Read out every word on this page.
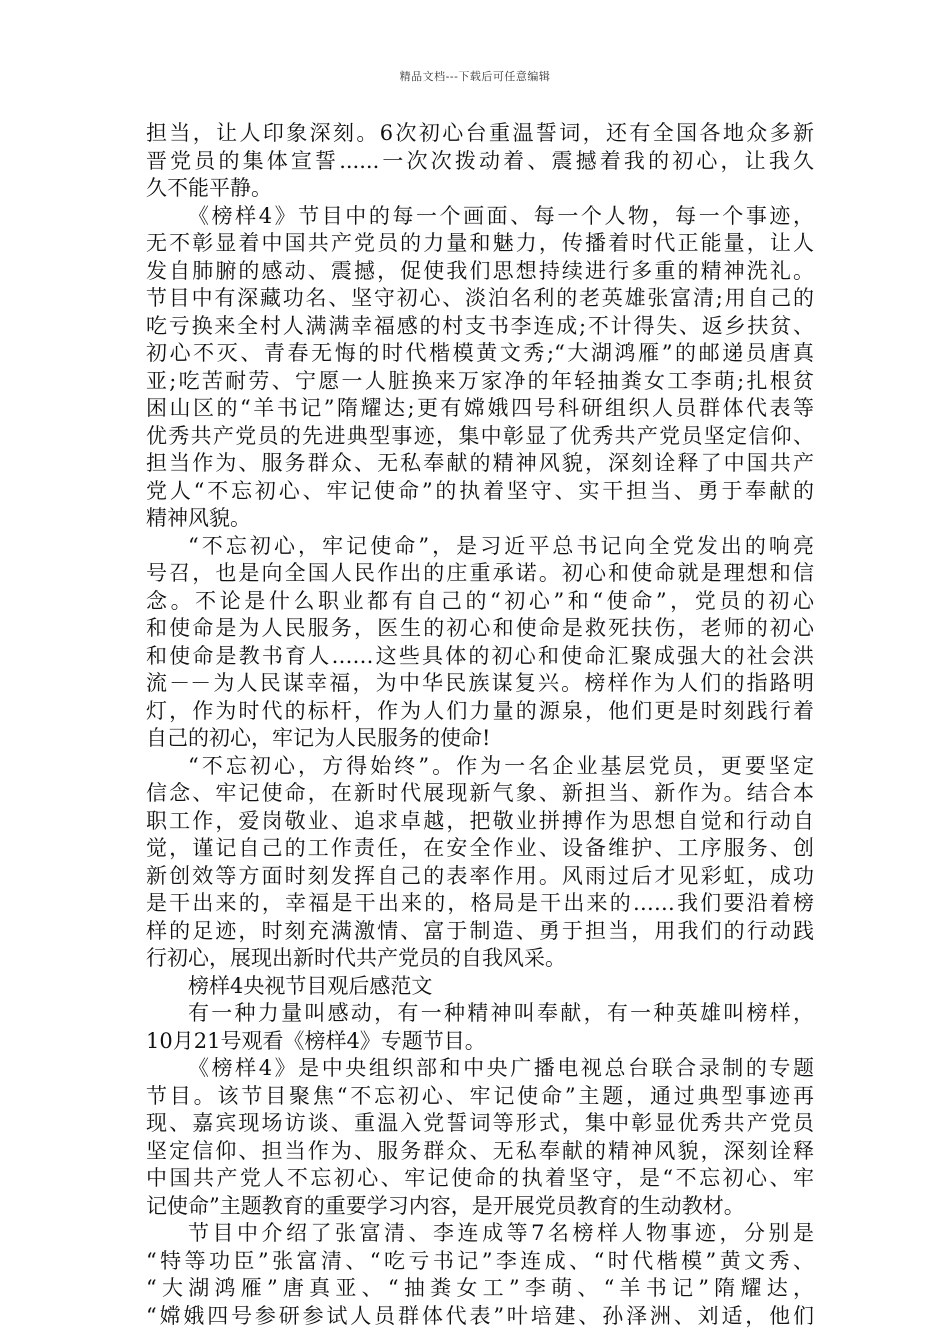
精品文档---下载后可任意编辑
担当，让人印象深刻。6次初心台重温誓词，还有全国各地众多新
晋党员的集体宣誓......一次次拨动着、震撼着我的初心，让我久
久不能平静。
《榜样4》节目中的每一个画面、每一个人物，每一个事迹，
无不彰显着中国共产党员的力量和魅力，传播着时代正能量，让人
发自肺腑的感动、震撼，促使我们思想持续进行多重的精神洗礼。
节目中有深藏功名、坚守初心、淡泊名利的老英雄张富清;用自己的
吃亏换来全村人满满幸福感的村支书李连成;不计得失、返乡扶贫、
初心不灭、青春无悔的时代楷模黄文秀;“大湖鸿雁”的邮递员唐真
亚;吃苦耐劳、宁愿一人脏换来万家净的年轻抽粪女工李萌;扎根贫
困山区的“羊书记”隋耀达;更有嫦娥四号科研组织人员群体代表等
优秀共产党员的先进典型事迹，集中彰显了优秀共产党员坚定信仰、
担当作为、服务群众、无私奉献的精神风貌，深刻诠释了中国共产
党人“不忘初心、牢记使命”的执着坚守、实干担当、勇于奉献的
精神风貌。
“不忘初心，牢记使命”，是习近平总书记向全党发出的响亮
号召，也是向全国人民作出的庄重承诺。初心和使命就是理想和信
念。不论是什么职业都有自己的“初心”和“使命”，党员的初心
和使命是为人民服务，医生的初心和使命是救死扶伤，老师的初心
和使命是教书育人……这些具体的初心和使命汇聚成强大的社会洪
流－－为人民谋幸福，为中华民族谋复兴。榜样作为人们的指路明
灯，作为时代的标杆，作为人们力量的源泉，他们更是时刻践行着
自己的初心，牢记为人民服务的使命!
“不忘初心，方得始终”。作为一名企业基层党员，更要坚定
信念、牢记使命，在新时代展现新气象、新担当、新作为。结合本
职工作，爱岗敬业、追求卓越，把敬业拼搏作为思想自觉和行动自
觉，谨记自己的工作责任，在安全作业、设备维护、工序服务、创
新创效等方面时刻发挥自己的表率作用。风雨过后才见彩虹，成功
是干出来的，幸福是干出来的，格局是干出来的……我们要沿着榜
样的足迹，时刻充满激情、富于制造、勇于担当，用我们的行动践
行初心，展现出新时代共产党员的自我风采。
榜样4央视节目观后感范文
有一种力量叫感动，有一种精神叫奉献，有一种英雄叫榜样，
10月21号观看《榜样4》专题节目。
《榜样4》是中央组织部和中央广播电视总台联合录制的专题
节目。该节目聚焦“不忘初心、牢记使命”主题，通过典型事迹再
现、嘉宾现场访谈、重温入党誓词等形式，集中彰显优秀共产党员
坚定信仰、担当作为、服务群众、无私奉献的精神风貌，深刻诠释
中国共产党人不忘初心、牢记使命的执着坚守，是“不忘初心、牢
记使命”主题教育的重要学习内容，是开展党员教育的生动教材。
节目中介绍了张富清、李连成等7名榜样人物事迹，分别是
“特等功臣”张富清、“吃亏书记”李连成、“时代楷模”黄文秀、
“大湖鸿雁”唐真亚、“抽粪女工”李萌、“羊书记”隋耀达，
“嫦娥四号参研参试人员群体代表”叶培建、孙泽洲、刘适，他们
